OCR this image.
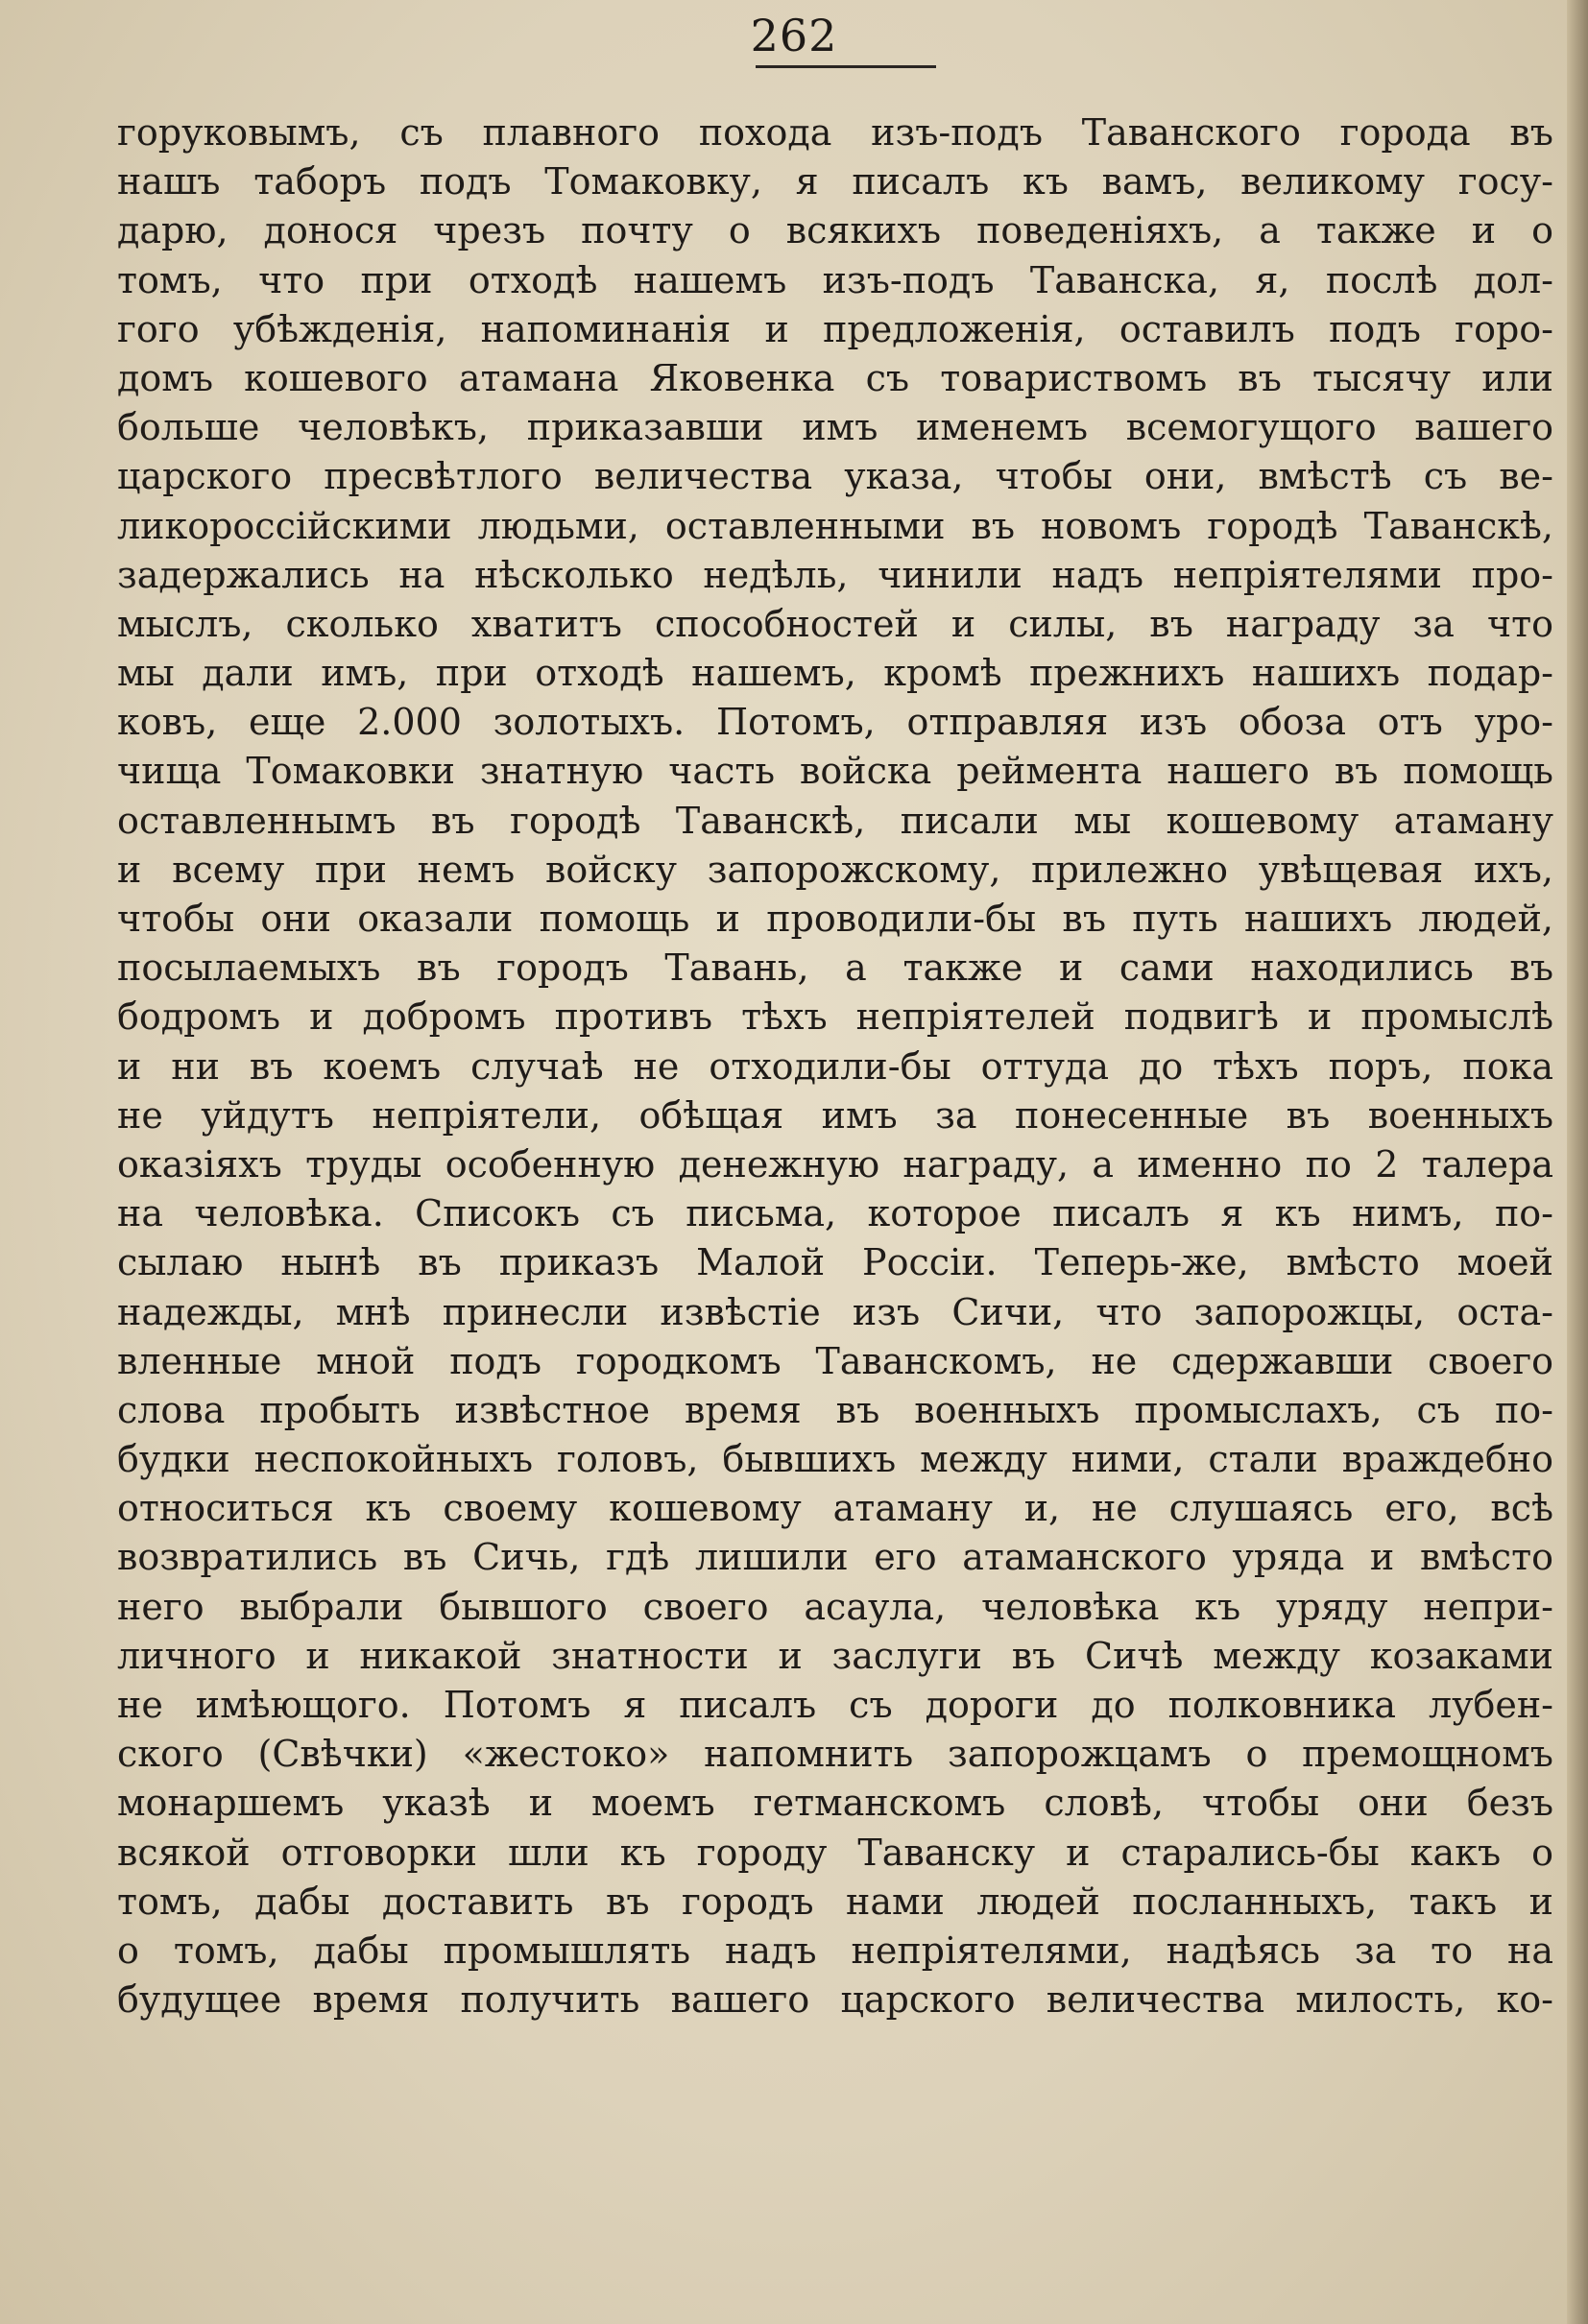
262
горуковымъ, съ плавного похода изъ-подъ Таванского города въ
нашъ таборъ подъ Томаковку, я писалъ къ вамъ, великому госу-
дарю, донося чрезъ почту о всякихъ поведеніяхъ, а также и о
томъ, что при отходѣ нашемъ изъ-подъ Таванска, я, послѣ дол-
гого убѣжденія, напоминанія и предложенія, оставилъ подъ горо-
домъ кошевого атамана Яковенка съ товариствомъ въ тысячу или
больше человѣкъ, приказавши имъ именемъ всемогущого вашего
царского пресвѣтлого величества указа, чтобы они, вмѣстѣ съ ве-
ликороссійскими людьми, оставленными въ новомъ городѣ Таванскѣ,
задержались на нѣсколько недѣль, чинили надъ непріятелями про-
мыслъ, сколько хватитъ способностей и силы, въ награду за что
мы дали имъ, при отходѣ нашемъ, кромѣ прежнихъ нашихъ подар-
ковъ, еще 2.000 золотыхъ. Потомъ, отправляя изъ обоза отъ уро-
чища Томаковки знатную часть войска реймента нашего въ помощь
оставленнымъ въ городѣ Таванскѣ, писали мы кошевому атаману
и всему при немъ войску запорожскому, прилежно увѣщевая ихъ,
чтобы они оказали помощь и проводили-бы въ путь нашихъ людей,
посылаемыхъ въ городъ Тавань, а также и сами находились въ
бодромъ и добромъ противъ тѣхъ непріятелей подвигѣ и промыслѣ
и ни въ коемъ случаѣ не отходили-бы оттуда до тѣхъ поръ, пока
не уйдутъ непріятели, обѣщая имъ за понесенные въ военныхъ
оказіяхъ труды особенную денежную награду, а именно по 2 талера
на человѣка. Списокъ съ письма, которое писалъ я къ нимъ, по-
сылаю нынѣ въ приказъ Малой Россіи. Теперь-же, вмѣсто моей
надежды, мнѣ принесли извѣстіе изъ Сичи, что запорожцы, оста-
вленные мной подъ городкомъ Таванскомъ, не сдержавши своего
слова пробыть извѣстное время въ военныхъ промыслахъ, съ по-
будки неспокойныхъ головъ, бывшихъ между ними, стали враждебно
относиться къ своему кошевому атаману и, не слушаясь его, всѣ
возвратились въ Сичь, гдѣ лишили его атаманского уряда и вмѣсто
него выбрали бывшого своего асаула, человѣка къ уряду непри-
личного и никакой знатности и заслуги въ Сичѣ между козаками
не имѣющого. Потомъ я писалъ съ дороги до полковника лубен-
ского (Свѣчки) «жестоко» напомнить запорожцамъ о премощномъ
монаршемъ указѣ и моемъ гетманскомъ словѣ, чтобы они безъ
всякой отговорки шли къ городу Таванску и старались-бы какъ о
томъ, дабы доставить въ городъ нами людей посланныхъ, такъ и
о томъ, дабы промышлять надъ непріятелями, надѣясь за то на
будущее время получить вашего царского величества милость, ко-
